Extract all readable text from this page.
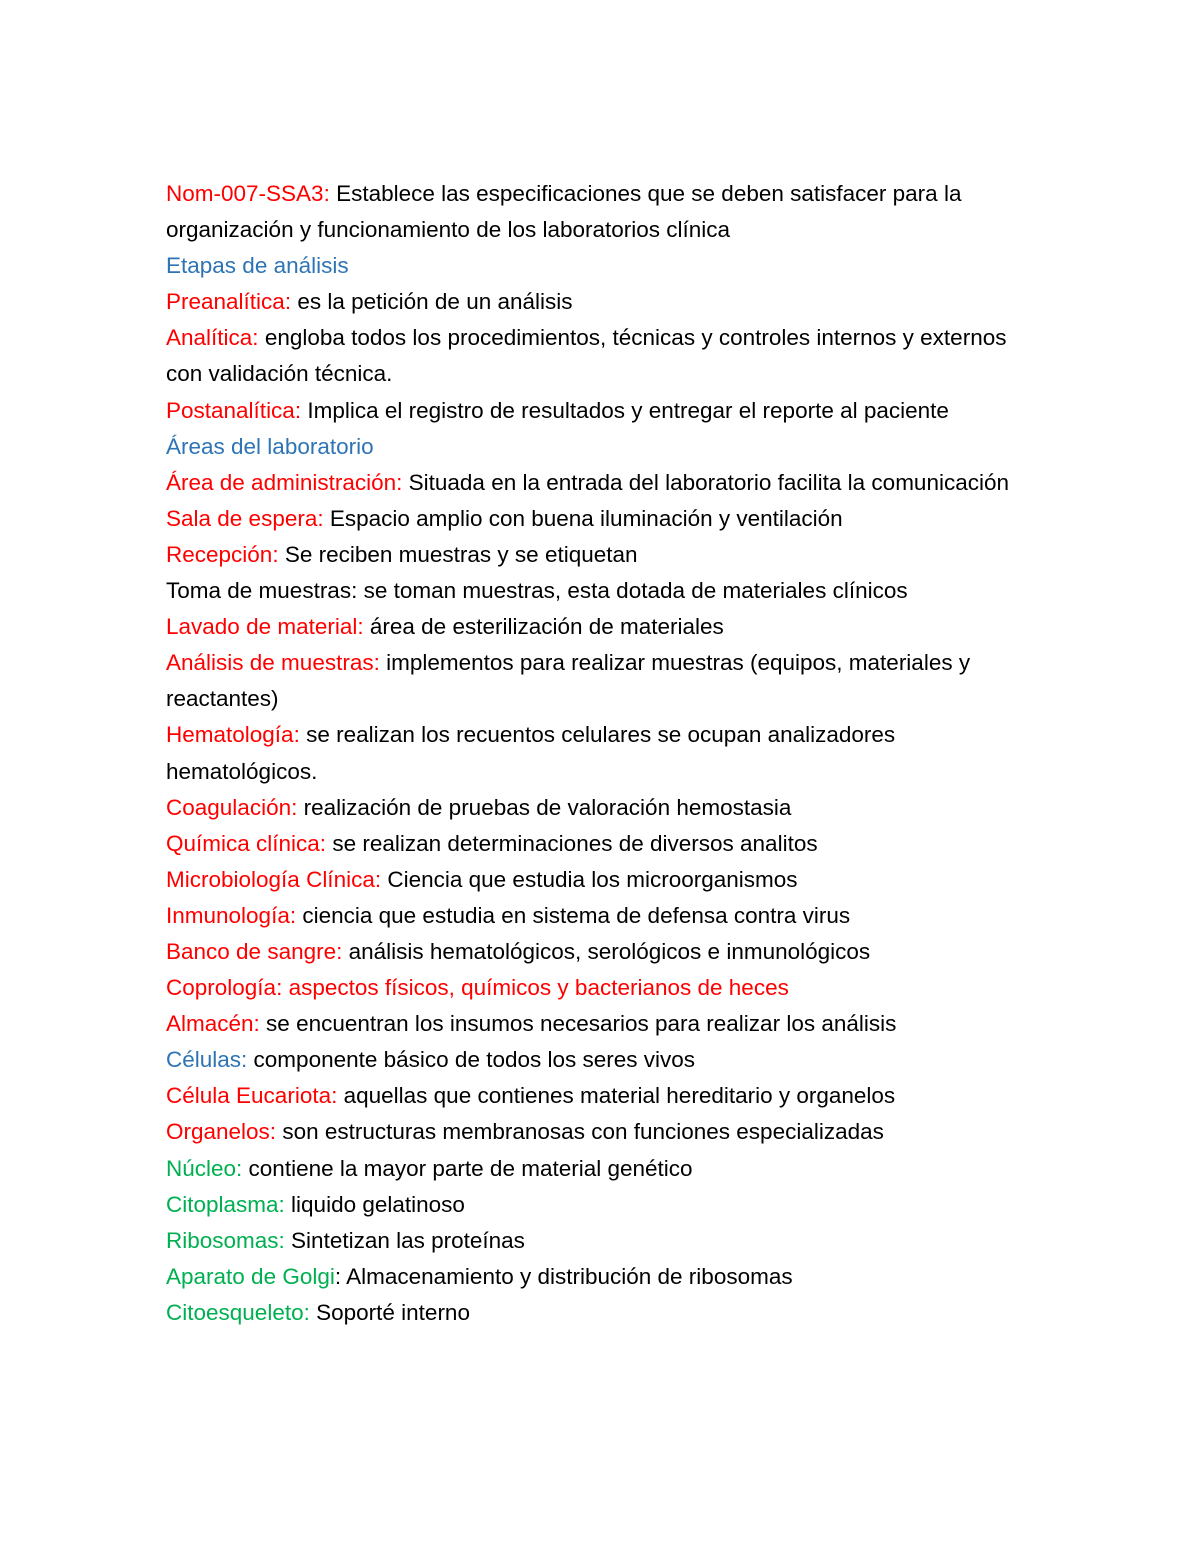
Nom-007-SSA3: Establece las especificaciones que se deben satisfacer para la organización y funcionamiento de los laboratorios clínica

Etapas de análisis

Preanalítica: es la petición de un análisis

Analítica: engloba todos los procedimientos, técnicas y controles internos y externos con validación técnica.

Postanalítica: Implica el registro de resultados y entregar el reporte al paciente

Áreas del laboratorio

Área de administración: Situada en la entrada del laboratorio facilita la comunicación

Sala de espera: Espacio amplio con buena iluminación y ventilación

Recepción: Se reciben muestras y se etiquetan

Toma de muestras: se toman muestras, esta dotada de materiales clínicos

Lavado de material: área de esterilización de materiales

Análisis de muestras: implementos para realizar muestras (equipos, materiales y reactantes)

Hematología: se realizan los recuentos celulares se ocupan analizadores hematológicos.

Coagulación: realización de pruebas de valoración hemostasia

Química clínica: se realizan determinaciones de diversos analitos

Microbiología Clínica: Ciencia que estudia los microorganismos

Inmunología: ciencia que estudia en sistema de defensa contra virus

Banco de sangre: análisis hematológicos, serológicos e inmunológicos

Coprología: aspectos físicos, químicos y bacterianos de heces

Almacén: se encuentran los insumos necesarios para realizar los análisis

Células: componente básico de todos los seres vivos

Célula Eucariota: aquellas que contienes material hereditario y organelos

Organelos: son estructuras membranosas con funciones especializadas

Núcleo: contiene la mayor parte de material genético

Citoplasma: liquido gelatinoso

Ribosomas: Sintetizan las proteínas

Aparato de Golgi: Almacenamiento y distribución de ribosomas

Citoesqueleto: Soporté interno
